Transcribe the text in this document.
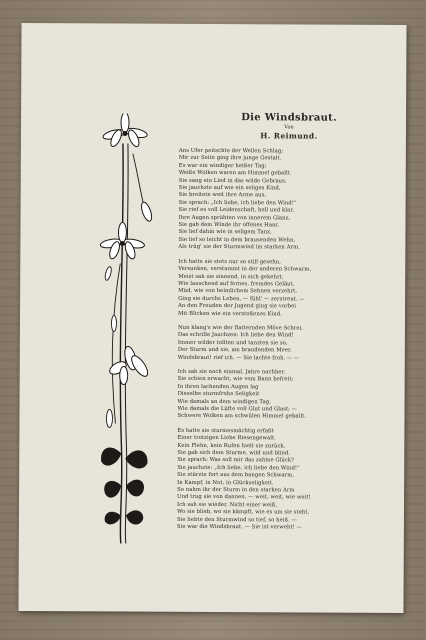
Die Windsbraut.
Von
H. Reimund.
Ans Ufer peitschte der Wellen Schlag;
Mir zur Seite ging ihre junge Gestalt.
Es war ein windiger heißer Tag;
Weiße Wolken waren am Himmel geballt.
Sie sang ein Lied in das wilde Gebraus,
Sie jauchzte auf wie ein seliges Kind,
Sie breitete weit ihre Arme aus,
Sie sprach: „Ich liebe, ich liebe den Wind!“
Sie rief es voll Leidenschaft, hell und klar,
Ihre Augen sprühten von innerem Glanz,
Sie gab dem Winde ihr offenes Haar,
Sie lief dahin wie in seligem Tanz,
Sie lief so leicht in dem brausenden Wehn,
Als trüg' sie der Sturmwind im starken Arm.
Ich hatte sie stets nur so still gesehn,
Versunken, verstummt in der anderen Schwarm,
Meist sah sie sinnend, in sich gekehrt,
Wie lauschend auf fernes, fremdes Geläut,
Müd, wie von heimlichem Sehnen verzehrt,
Ging sie durchs Leben, — fühl' — zerstreut. —
An den Freuden der Jugend ging sie vorbei
Mit Blicken wie ein verstoßenes Kind.
Nun klang's wie der flatternden Möve Schrei,
Das schrille Jauchzen: Ich liebe den Wind!
Immer wilder tollten und tanzten sie so,
Der Sturm und sie, am brandenden Meer.
Windsbraut! rief ich. — Sie lachte froh. — —
Ich sah sie noch einmal, Jahre nachher.
Sie schien erwacht, wie vom Bann befreit;
In ihren lachenden Augen lag
Dieselbe sturmfrohe Seligkeit
Wie damals an dem windigen Tag.
Wie damals die Lüfte voll Glut und Glast; —
Schwere Wolken am schwülen Himmel geballt.
Es hatte sie sturmesmächtig erfaßt
Einer trotzigen Liebe Riesengewalt.
Kein Flehn, kein Rufen hielt sie zurück.
Sie gab sich dem Sturme, wild und blind.
Sie sprach: Was soll mir das zahme Glück?
Sie jauchzte: „Ich liebe, ich liebe den Wind!“
Sie stürzte fort aus dem bangen Schwarm,
In Kampf, in Not, in Glückseligkeit.
So nahm ihr der Sturm in den starken Arm
Und trug sie von dannen, — weit, weit, wie weit!
Ich sah sie wieder. Nicht einer weiß,
Wo sie blieb, wo sie kämpft, wie es um sie steht.
Sie liebte den Sturmwind so tief, so heiß. —
Sie war die Windsbraut. — Sie ist verweht! —
